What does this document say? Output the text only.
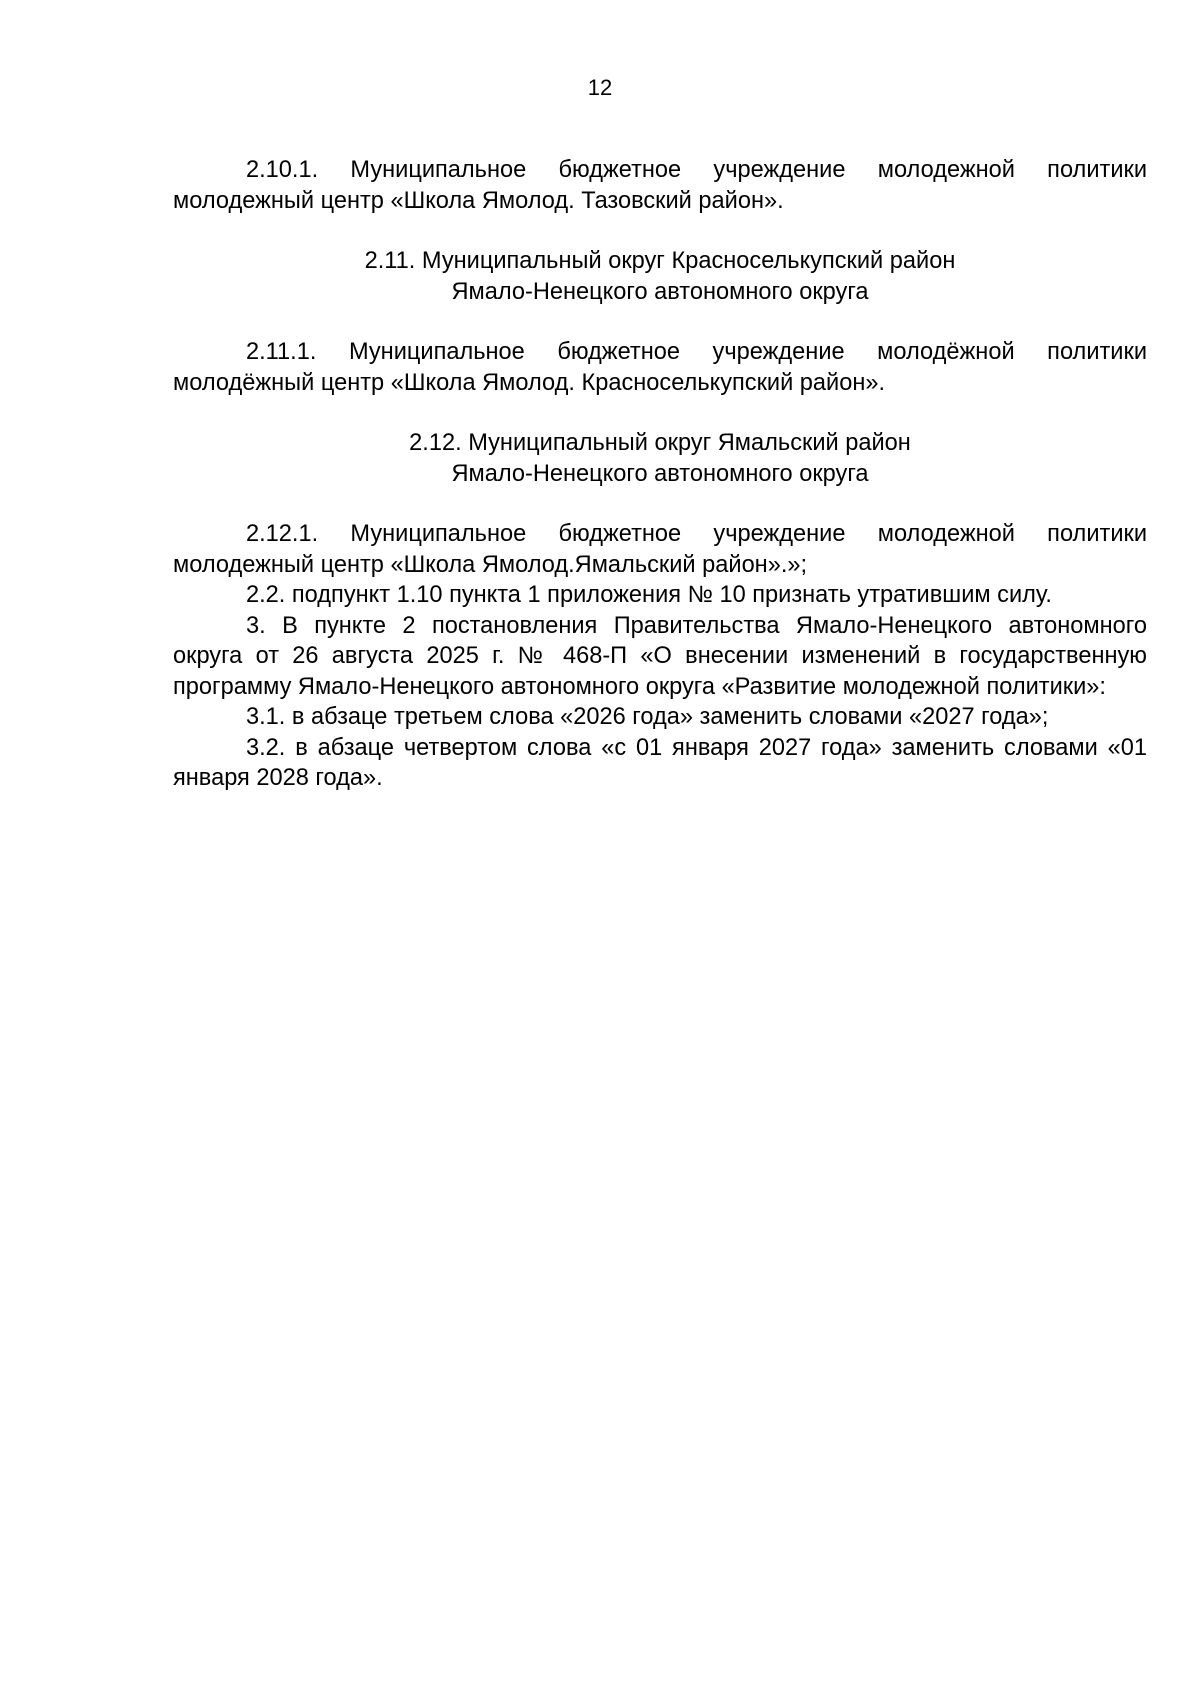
12

2.10.1. Муниципальное бюджетное учреждение молодежной политики молодежный центр «Школа Ямолод. Тазовский район».

2.11. Муниципальный округ Красноселькупский район
Ямало-Ненецкого автономного округа

2.11.1. Муниципальное бюджетное учреждение молодёжной политики молодёжный центр «Школа Ямолод. Красноселькупский район».

2.12. Муниципальный округ Ямальский район
Ямало-Ненецкого автономного округа

2.12.1. Муниципальное бюджетное учреждение молодежной политики молодежный центр «Школа Ямолод.Ямальский район».»;

2.2. подпункт 1.10 пункта 1 приложения № 10 признать утратившим силу.

3. В пункте 2 постановления Правительства Ямало-Ненецкого автономного округа от 26 августа 2025 г. № 468-П «О внесении изменений в государственную программу Ямало-Ненецкого автономного округа «Развитие молодежной политики»:

3.1. в абзаце третьем слова «2026 года» заменить словами «2027 года»;

3.2. в абзаце четвертом слова «с 01 января 2027 года» заменить словами «01 января 2028 года».
